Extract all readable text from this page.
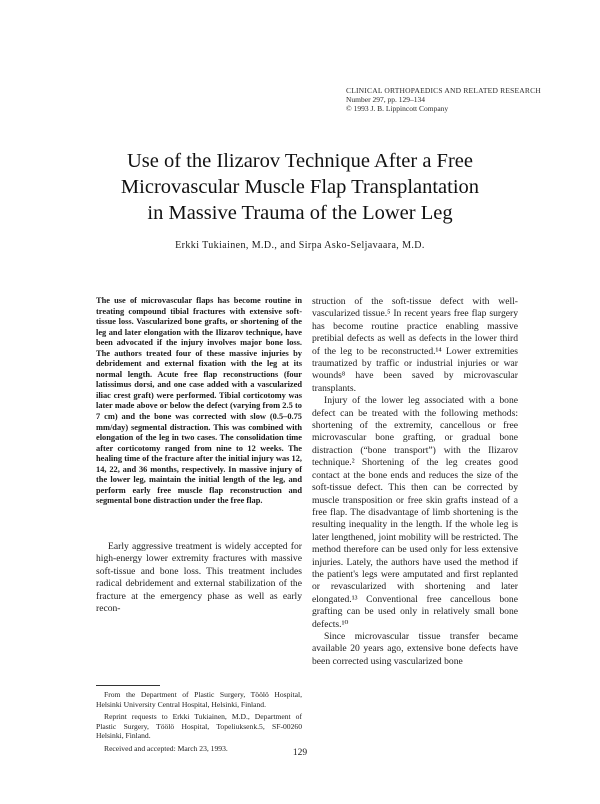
CLINICAL ORTHOPAEDICS AND RELATED RESEARCH
Number 297, pp. 129–134
© 1993 J. B. Lippincott Company
Use of the Ilizarov Technique After a Free
Microvascular Muscle Flap Transplantation
in Massive Trauma of the Lower Leg
Erkki Tukiainen, M.D., and Sirpa Asko-Seljavaara, M.D.

The use of microvascular flaps has become routine in treating compound tibial fractures with extensive soft-tissue loss. Vascularized bone grafts, or shortening of the leg and later elongation with the Ilizarov technique, have been advocated if the injury involves major bone loss. The authors treated four of these massive injuries by debridement and external fixation with the leg at its normal length. Acute free flap reconstructions (four latissimus dorsi, and one case added with a vascularized iliac crest graft) were performed. Tibial corticotomy was later made above or below the defect (varying from 2.5 to 7 cm) and the bone was corrected with slow (0.5–0.75 mm/day) segmental distraction. This was combined with elongation of the leg in two cases. The consolidation time after corticotomy ranged from nine to 12 weeks. The healing time of the fracture after the initial injury was 12, 14, 22, and 36 months, respectively. In massive injury of the lower leg, maintain the initial length of the leg, and perform early free muscle flap reconstruction and segmental bone distraction under the free flap.

Early aggressive treatment is widely accepted for high-energy lower extremity fractures with massive soft-tissue and bone loss. This treatment includes radical debridement and external stabilization of the fracture at the emergency phase as well as early recon-

struction of the soft-tissue defect with well-vascularized tissue.⁵ In recent years free flap surgery has become routine practice enabling massive pretibial defects as well as defects in the lower third of the leg to be reconstructed.¹⁴ Lower extremities traumatized by traffic or industrial injuries or war wounds⁸ have been saved by microvascular transplants.

Injury of the lower leg associated with a bone defect can be treated with the following methods: shortening of the extremity, cancellous or free microvascular bone grafting, or gradual bone distraction (“bone transport”) with the Ilizarov technique.² Shortening of the leg creates good contact at the bone ends and reduces the size of the soft-tissue defect. This then can be corrected by muscle transposition or free skin grafts instead of a free flap. The disadvantage of limb shortening is the resulting inequality in the length. If the whole leg is later lengthened, joint mobility will be restricted. The method therefore can be used only for less extensive injuries. Lately, the authors have used the method if the patient's legs were amputated and first replanted or revascularized with shortening and later elongated.¹³ Conventional free cancellous bone grafting can be used only in relatively small bone defects.¹⁰

Since microvascular tissue transfer became available 20 years ago, extensive bone defects have been corrected using vascularized bone

From the Department of Plastic Surgery, Töölö Hospital, Helsinki University Central Hospital, Helsinki, Finland.

Reprint requests to Erkki Tukiainen, M.D., Department of Plastic Surgery, Töölö Hospital, Topeliuksenk.5, SF-00260 Helsinki, Finland.

Received and accepted: March 23, 1993.	129
